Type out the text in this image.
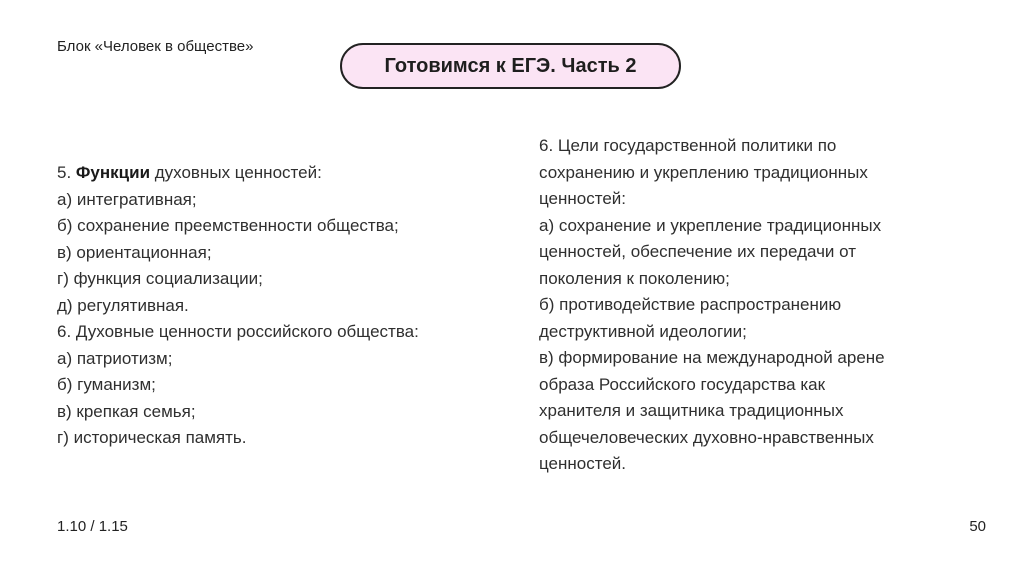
Блок «Человек в обществе»
Готовимся к ЕГЭ. Часть 2
5. Функции духовных ценностей:
а) интегративная;
б) сохранение преемственности общества;
в) ориентационная;
г) функция социализации;
д) регулятивная.
6. Духовные ценности российского общества:
а) патриотизм;
б) гуманизм;
в) крепкая семья;
г) историческая память.
6. Цели государственной политики по
сохранению и укреплению традиционных
ценностей:
а) сохранение и укрепление традиционных
ценностей, обеспечение их передачи от
поколения к поколению;
б) противодействие распространению
деструктивной идеологии;
в) формирование на международной арене
образа Российского государства как
хранителя и защитника традиционных
общечеловеческих духовно-нравственных
ценностей.
1.10 / 1.15	50
